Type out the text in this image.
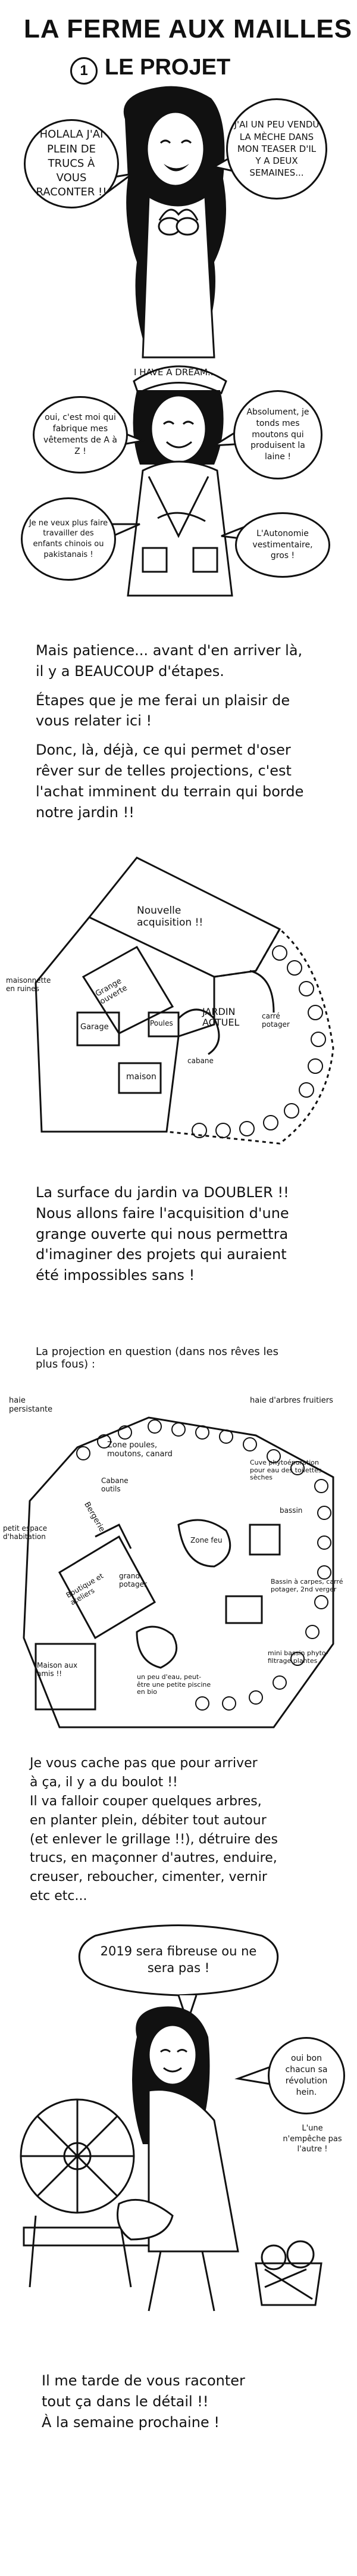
LA FERME AUX MAILLES
1 LE PROJET
HOLALA J'AI PLEIN DE TRUCS À VOUS RACONTER !!
J'AI UN PEU VENDU LA MÈCHE DANS MON TEASER D'IL Y A DEUX SEMAINES...
I HAVE A DREAM...
oui, c'est moi qui fabrique mes vêtements de A à Z !
Absolument, je tonds mes moutons qui produisent la laine !
Je ne veux plus faire travailler des enfants chinois ou pakistanais !
L'Autonomie vestimentaire, gros !
Mais patience... avant d'en arriver là,
il y a BEAUCOUP d'étapes.
Étapes que je me ferai un plaisir de
vous relater ici !
Donc, là, déjà, ce qui permet d'oser
rêver sur de telles projections, c'est
l'achat imminent du terrain qui borde
notre jardin !!
Nouvelle acquisition !!
maisonnette en ruines	Grange ouverte
Garage	Poules
JARDIN ACTUEL
carré potager
cabane
maison
La surface du jardin va DOUBLER !!
Nous allons faire l'acquisition d'une
grange ouverte qui nous permettra
d'imaginer des projets qui auraient
été impossibles sans !
La projection en question (dans nos rêves les plus fous) :
haie persistante
haie d'arbres fruitiers
Zone poules, moutons, canard
Cabane outils
Zone feu
Boutique et ateliers
Bergerie
grand potager
petit espace d'habitation
Maison aux amis !!	un peu d'eau, peut-être une petite piscine en bio
Cuve phytoépuration pour eau des toilettes sèches
bassin
Bassin à carpes, carré potager, 2nd verger
mini bassin phyto-filtrage plantes
Je vous cache pas que pour arriver
à ça, il y a du boulot !!
Il va falloir couper quelques arbres,
en planter plein, débiter tout autour
(et enlever le grillage !!), détruire des
trucs, en maçonner d'autres, enduire,
creuser, reboucher, cimenter, vernir
etc etc...
2019 sera fibreuse ou ne sera pas !
oui bon chacun sa révolution hein.
L'une n'empêche pas l'autre !
Il me tarde de vous raconter
tout ça dans le détail !!
À la semaine prochaine !
